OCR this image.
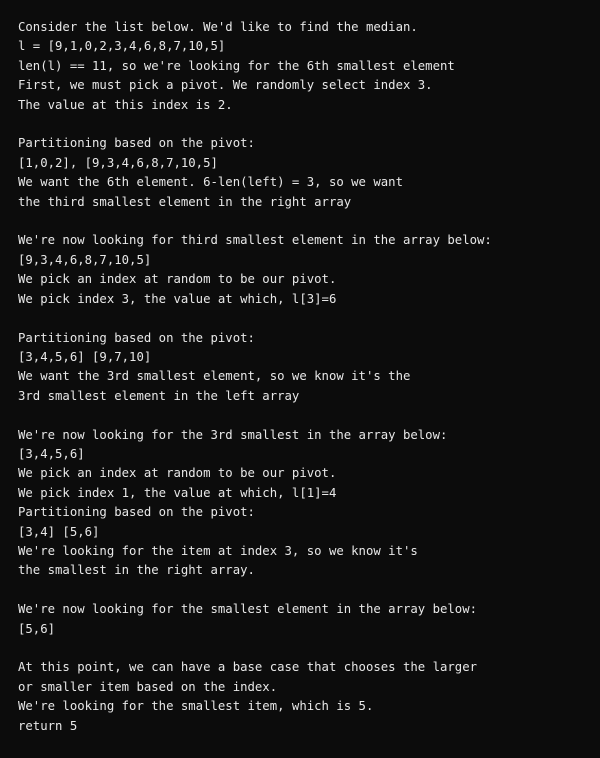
Consider the list below. We'd like to find the median.
l = [9,1,0,2,3,4,6,8,7,10,5]
len(l) == 11, so we're looking for the 6th smallest element
First, we must pick a pivot. We randomly select index 3.
The value at this index is 2.

Partitioning based on the pivot:
[1,0,2], [9,3,4,6,8,7,10,5]
We want the 6th element. 6-len(left) = 3, so we want
the third smallest element in the right array

We're now looking for third smallest element in the array below:
[9,3,4,6,8,7,10,5]
We pick an index at random to be our pivot.
We pick index 3, the value at which, l[3]=6

Partitioning based on the pivot:
[3,4,5,6] [9,7,10]
We want the 3rd smallest element, so we know it's the
3rd smallest element in the left array

We're now looking for the 3rd smallest in the array below:
[3,4,5,6]
We pick an index at random to be our pivot.
We pick index 1, the value at which, l[1]=4
Partitioning based on the pivot:
[3,4] [5,6]
We're looking for the item at index 3, so we know it's
the smallest in the right array.

We're now looking for the smallest element in the array below:
[5,6]

At this point, we can have a base case that chooses the larger
or smaller item based on the index.
We're looking for the smallest item, which is 5.
return 5
